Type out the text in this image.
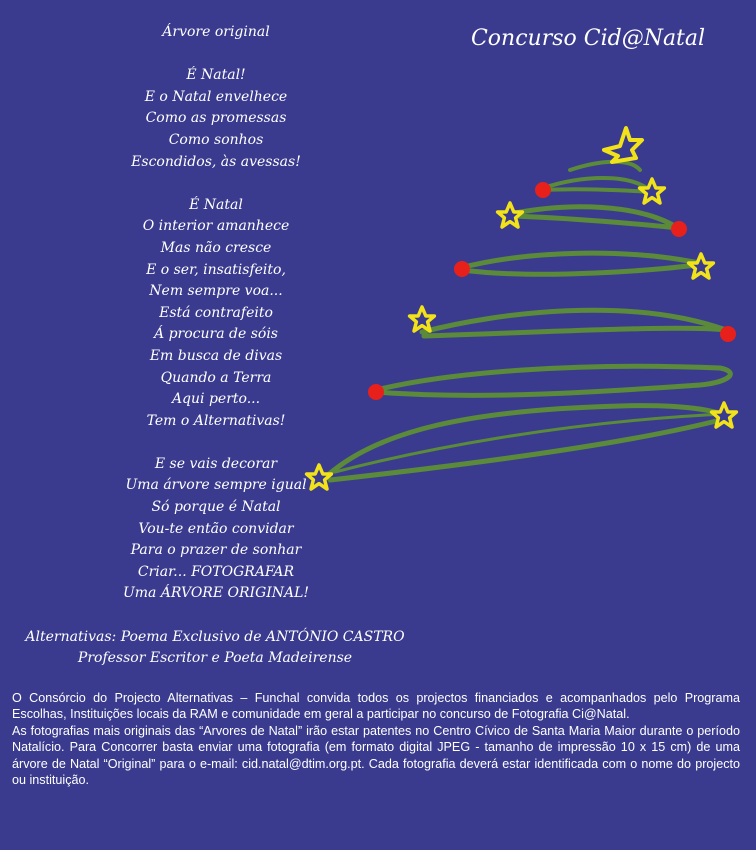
Árvore original
É Natal!
E o Natal envelhece
Como as promessas
Como sonhos
Escondidos, às avessas!
É Natal
O interior amanhece
Mas não cresce
E o ser, insatisfeito,
Nem sempre voa...
Está contrafeito
Á procura de sóis
Em busca de divas
Quando a Terra
Aqui perto...
Tem o Alternativas!
E se vais decorar
Uma árvore sempre igual
Só porque é Natal
Vou-te então convidar
Para o prazer de sonhar
Criar... FOTOGRAFAR
Uma ÁRVORE ORIGINAL!
Alternativas: Poema Exclusivo de ANTÓNIO CASTRO
Professor Escritor e Poeta Madeirense
Concurso Cid@Natal

O Consórcio do Projecto Alternativas – Funchal convida todos os projectos financiados e acompanhados pelo Programa Escolhas, Instituições locais da RAM e comunidade em geral a participar no concurso de Fotografia Ci@Natal.

As fotografias mais originais das “Arvores de Natal” irão estar patentes no Centro Cívico de Santa Maria Maior durante o período Natalício. Para Concorrer basta enviar uma fotografia (em formato digital JPEG - tamanho de impressão 10 x 15 cm) de uma árvore de Natal “Original” para o e-mail: cid.natal@dtim.org.pt. Cada fotografia deverá estar identificada com o nome do projecto ou instituição.
